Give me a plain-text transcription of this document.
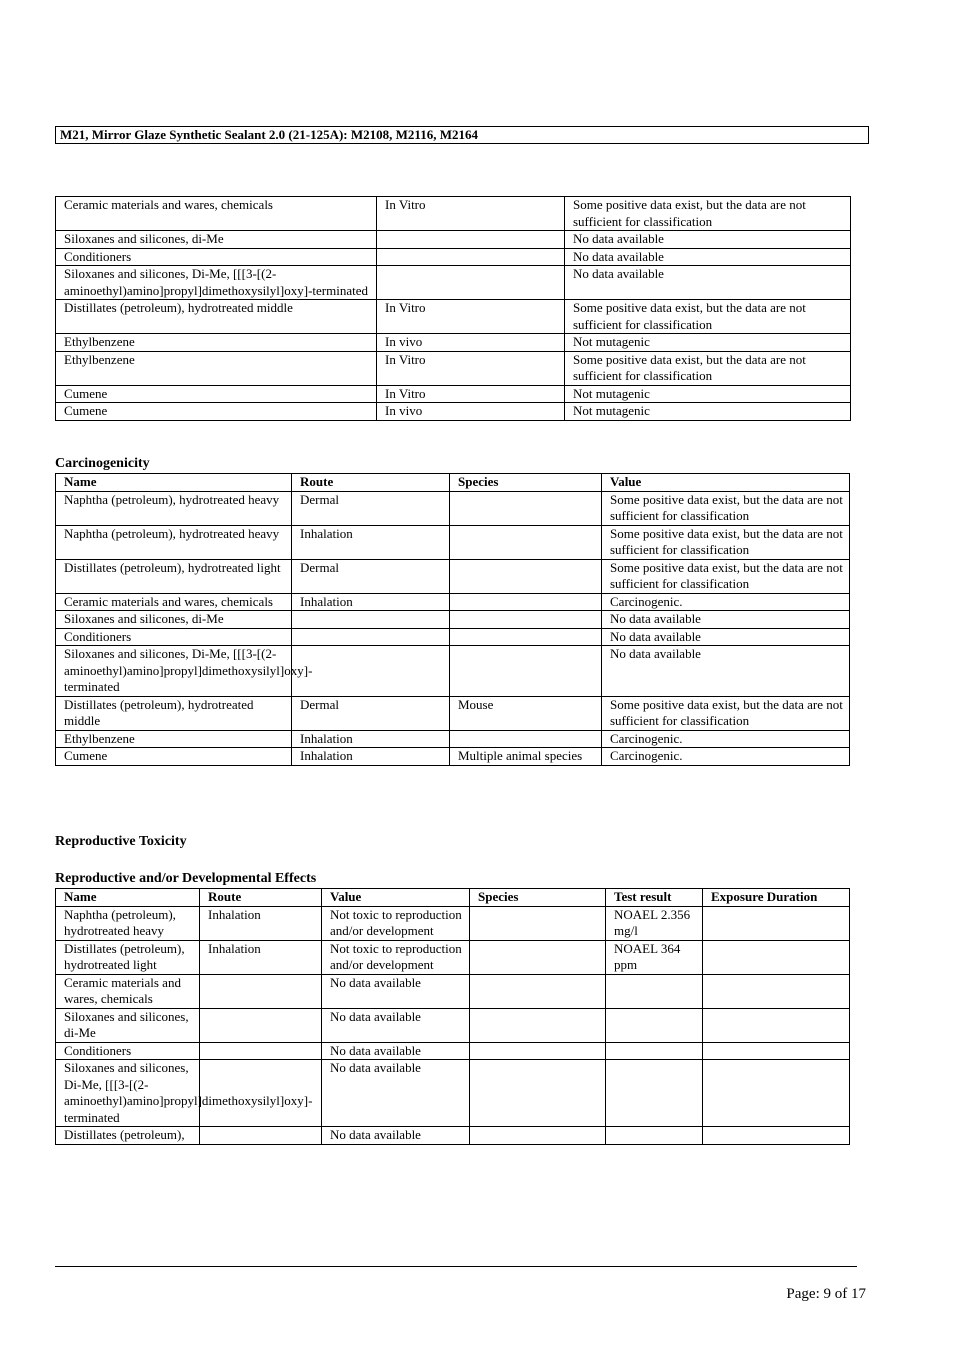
M21, Mirror Glaze Synthetic Sealant 2.0 (21-125A): M2108, M2116, M2164
Ceramic materials and wares, chemicals	In Vitro	Some positive data exist, but the data are not sufficient for classification
Siloxanes and silicones, di-Me		No data available
Conditioners		No data available
Siloxanes and silicones, Di-Me, [[[3-[(2-aminoethyl)amino]propyl]dimethoxysilyl]oxy]-terminated		No data available
Distillates (petroleum), hydrotreated middle	In Vitro	Some positive data exist, but the data are not sufficient for classification
Ethylbenzene	In vivo	Not mutagenic
Ethylbenzene	In Vitro	Some positive data exist, but the data are not sufficient for classification
Cumene	In Vitro	Not mutagenic
Cumene	In vivo	Not mutagenic
Carcinogenicity
Name	Route	Species	Value
Naphtha (petroleum), hydrotreated heavy	Dermal		Some positive data exist, but the data are not sufficient for classification
Naphtha (petroleum), hydrotreated heavy	Inhalation		Some positive data exist, but the data are not sufficient for classification
Distillates (petroleum), hydrotreated light	Dermal		Some positive data exist, but the data are not sufficient for classification
Ceramic materials and wares, chemicals	Inhalation		Carcinogenic.
Siloxanes and silicones, di-Me			No data available
Conditioners			No data available
Siloxanes and silicones, Di-Me, [[[3-[(2-aminoethyl)amino]propyl]dimethoxysilyl]oxy]-terminated			No data available
Distillates (petroleum), hydrotreated middle	Dermal	Mouse	Some positive data exist, but the data are not sufficient for classification
Ethylbenzene	Inhalation		Carcinogenic.
Cumene	Inhalation	Multiple animal species	Carcinogenic.
Reproductive Toxicity
Reproductive and/or Developmental Effects
Name	Route	Value	Species	Test result	Exposure Duration
Naphtha (petroleum), hydrotreated heavy	Inhalation	Not toxic to reproduction and/or development		NOAEL 2.356 mg/l	
Distillates (petroleum), hydrotreated light	Inhalation	Not toxic to reproduction and/or development		NOAEL 364 ppm	
Ceramic materials and wares, chemicals		No data available			
Siloxanes and silicones, di-Me		No data available			
Conditioners		No data available			
Siloxanes and silicones, Di-Me, [[[3-[(2-aminoethyl)amino]propyl]dimethoxysilyl]oxy]-terminated		No data available			
Distillates (petroleum),		No data available			
Page: 9 of 17
